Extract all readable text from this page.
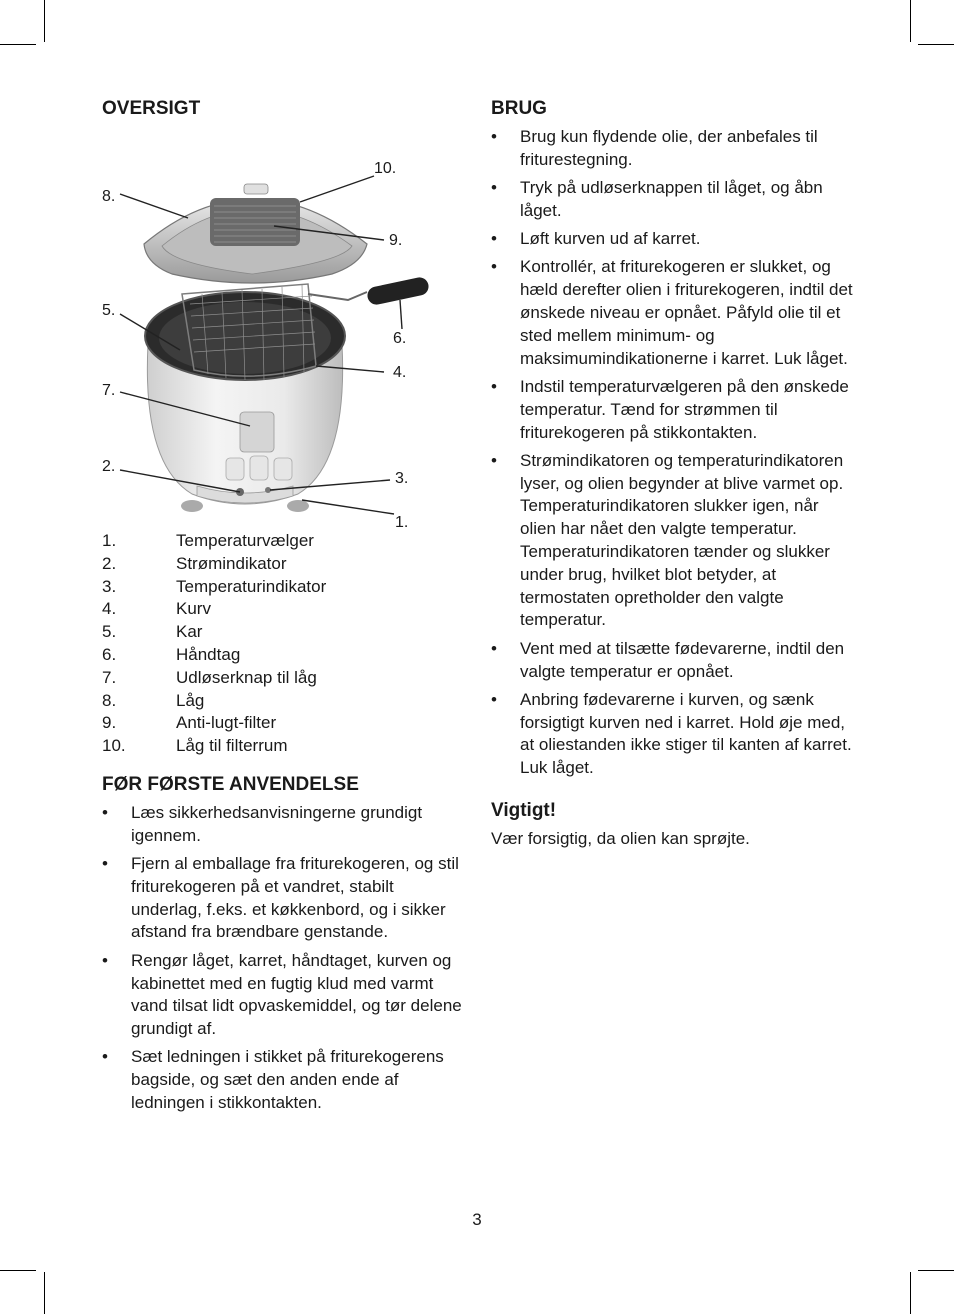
OVERSIGT
10.
8.
9.
5.
6.
4.
7.
2.
3.
1.
1.	Temperaturvælger
2.	Strømindikator
3.	Temperaturindikator
4.	Kurv
5.	Kar
6.	Håndtag
7.	Udløserknap til låg
8.	Låg
9.	Anti-lugt-filter
10.	Låg til filterrum
FØR FØRSTE ANVENDELSE
• Læs sikkerhedsanvisningerne grundigt igennem.
• Fjern al emballage fra friturekogeren, og stil friturekogeren på et vandret, stabilt underlag, f.eks. et køkkenbord, og i sikker afstand fra brændbare genstande.
• Rengør låget, karret, håndtaget, kurven og kabinettet med en fugtig klud med varmt vand tilsat lidt opvaskemiddel, og tør delene grundigt af.
• Sæt ledningen i stikket på friturekogerens bagside, og sæt den anden ende af ledningen i stikkontakten.
BRUG
• Brug kun flydende olie, der anbefales til friturestegning.
• Tryk på udløserknappen til låget, og åbn låget.
• Løft kurven ud af karret.
• Kontrollér, at friturekogeren er slukket, og hæld derefter olien i friturekogeren, indtil det ønskede niveau er opnået. Påfyld olie til et sted mellem minimum- og maksimumindikationerne i karret. Luk låget.
• Indstil temperaturvælgeren på den ønskede temperatur. Tænd for strømmen til friturekogeren på stikkontakten.
• Strømindikatoren og temperaturindikatoren lyser, og olien begynder at blive varmet op. Temperaturindikatoren slukker igen, når olien har nået den valgte temperatur. Temperaturindikatoren tænder og slukker under brug, hvilket blot betyder, at termostaten opretholder den valgte temperatur.
• Vent med at tilsætte fødevarerne, indtil den valgte temperatur er opnået.
• Anbring fødevarerne i kurven, og sænk forsigtigt kurven ned i karret. Hold øje med, at oliestanden ikke stiger til kanten af karret. Luk låget.
Vigtigt!

Vær forsigtig, da olien kan sprøjte.

3
